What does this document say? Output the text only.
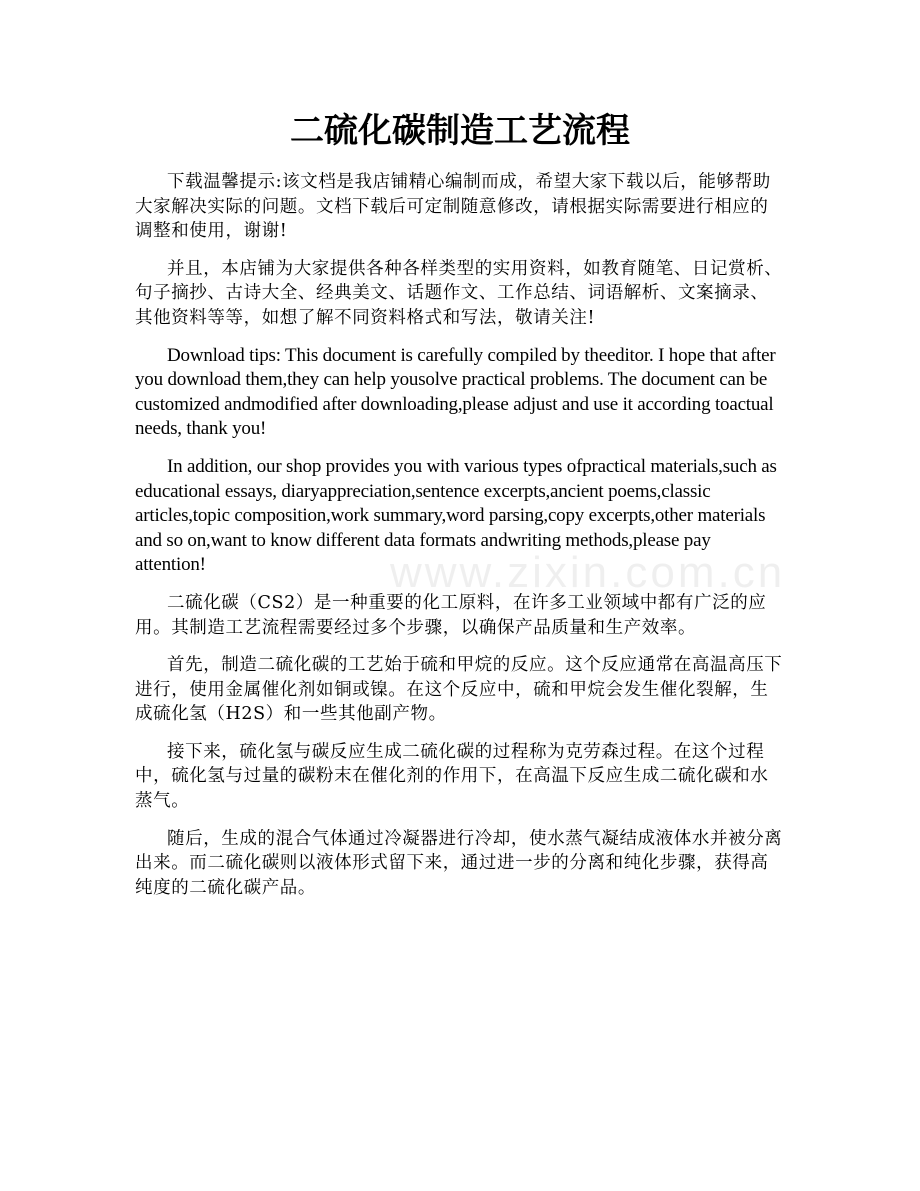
二硫化碳制造工艺流程

下载温馨提示:该文档是我店铺精心编制而成，希望大家下载以后，能够帮助大家解决实际的问题。文档下载后可定制随意修改，请根据实际需要进行相应的调整和使用，谢谢!

并且，本店铺为大家提供各种各样类型的实用资料，如教育随笔、日记赏析、句子摘抄、古诗大全、经典美文、话题作文、工作总结、词语解析、文案摘录、其他资料等等，如想了解不同资料格式和写法，敬请关注!

Download tips: This document is carefully compiled by theeditor. I hope that after you download them,they can help yousolve practical problems. The document can be customized andmodified after downloading,please adjust and use it according toactual needs, thank you!

In addition, our shop provides you with various types ofpractical materials,such as educational essays, diaryappreciation,sentence excerpts,ancient poems,classic articles,topic composition,work summary,word parsing,copy excerpts,other materials and so on,want to know different data formats andwriting methods,please pay attention!

二硫化碳（CS2）是一种重要的化工原料，在许多工业领域中都有广泛的应用。其制造工艺流程需要经过多个步骤，以确保产品质量和生产效率。

首先，制造二硫化碳的工艺始于硫和甲烷的反应。这个反应通常在高温高压下进行，使用金属催化剂如铜或镍。在这个反应中，硫和甲烷会发生催化裂解，生成硫化氢（H2S）和一些其他副产物。

接下来，硫化氢与碳反应生成二硫化碳的过程称为克劳森过程。在这个过程中，硫化氢与过量的碳粉末在催化剂的作用下，在高温下反应生成二硫化碳和水蒸气。

随后，生成的混合气体通过冷凝器进行冷却，使水蒸气凝结成液体水并被分离出来。而二硫化碳则以液体形式留下来，通过进一步的分离和纯化步骤，获得高纯度的二硫化碳产品。

www.zixin.com.cn
